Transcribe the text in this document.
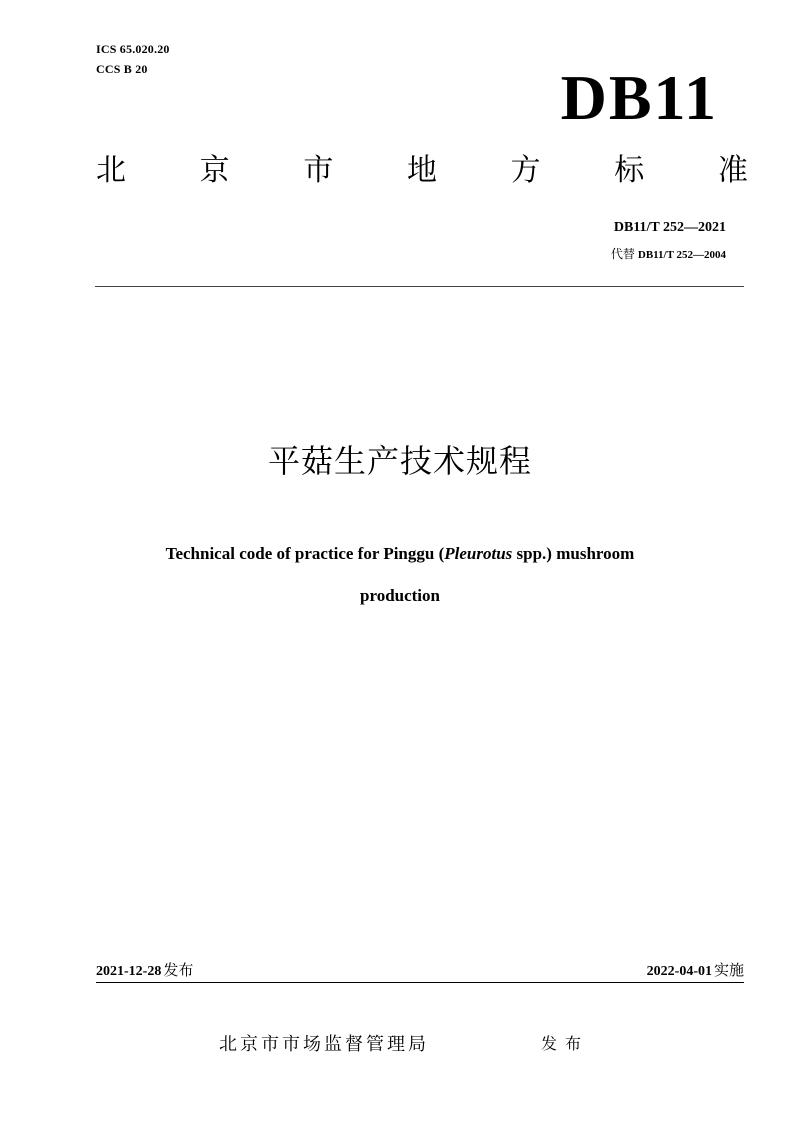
ICS 65.020.20
CCS B 20	DB11
北 京 市 地 方 标 准
DB11/T 252—2021
代替 DB11/T 252—2004
平菇生产技术规程
Technical code of practice for Pinggu (Pleurotus spp.) mushroom
production
2021-12-28 发布	2022-04-01 实施
北京市市场监督管理局	发布
